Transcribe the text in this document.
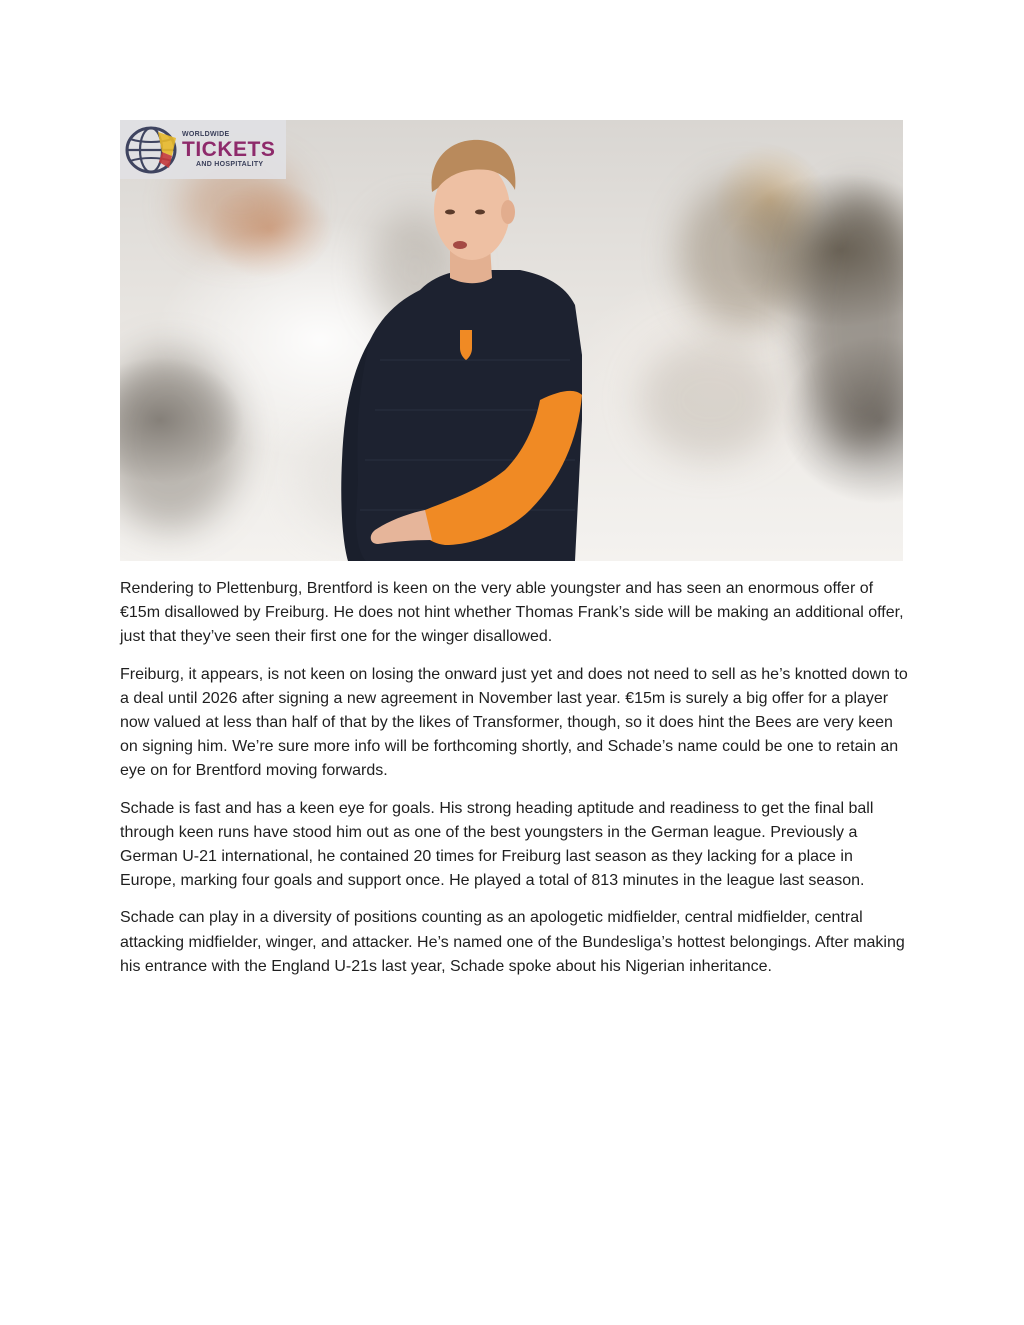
WORLDWIDE
TICKETS
AND HOSPITALITY

Rendering to Plettenburg, Brentford is keen on the very able youngster and has seen an enormous offer of €15m disallowed by Freiburg. He does not hint whether Thomas Frank’s side will be making an additional offer, just that they’ve seen their first one for the winger disallowed.

Freiburg, it appears, is not keen on losing the onward just yet and does not need to sell as he’s knotted down to a deal until 2026 after signing a new agreement in November last year. €15m is surely a big offer for a player now valued at less than half of that by the likes of Transformer, though, so it does hint the Bees are very keen on signing him. We’re sure more info will be forthcoming shortly, and Schade’s name could be one to retain an eye on for Brentford moving forwards.

Schade is fast and has a keen eye for goals. His strong heading aptitude and readiness to get the final ball through keen runs have stood him out as one of the best youngsters in the German league. Previously a German U-21 international, he contained 20 times for Freiburg last season as they lacking for a place in Europe, marking four goals and support once. He played a total of 813 minutes in the league last season.

Schade can play in a diversity of positions counting as an apologetic midfielder, central midfielder, central attacking midfielder, winger, and attacker. He’s named one of the Bundesliga’s hottest belongings. After making his entrance with the England U-21s last year, Schade spoke about his Nigerian inheritance.
